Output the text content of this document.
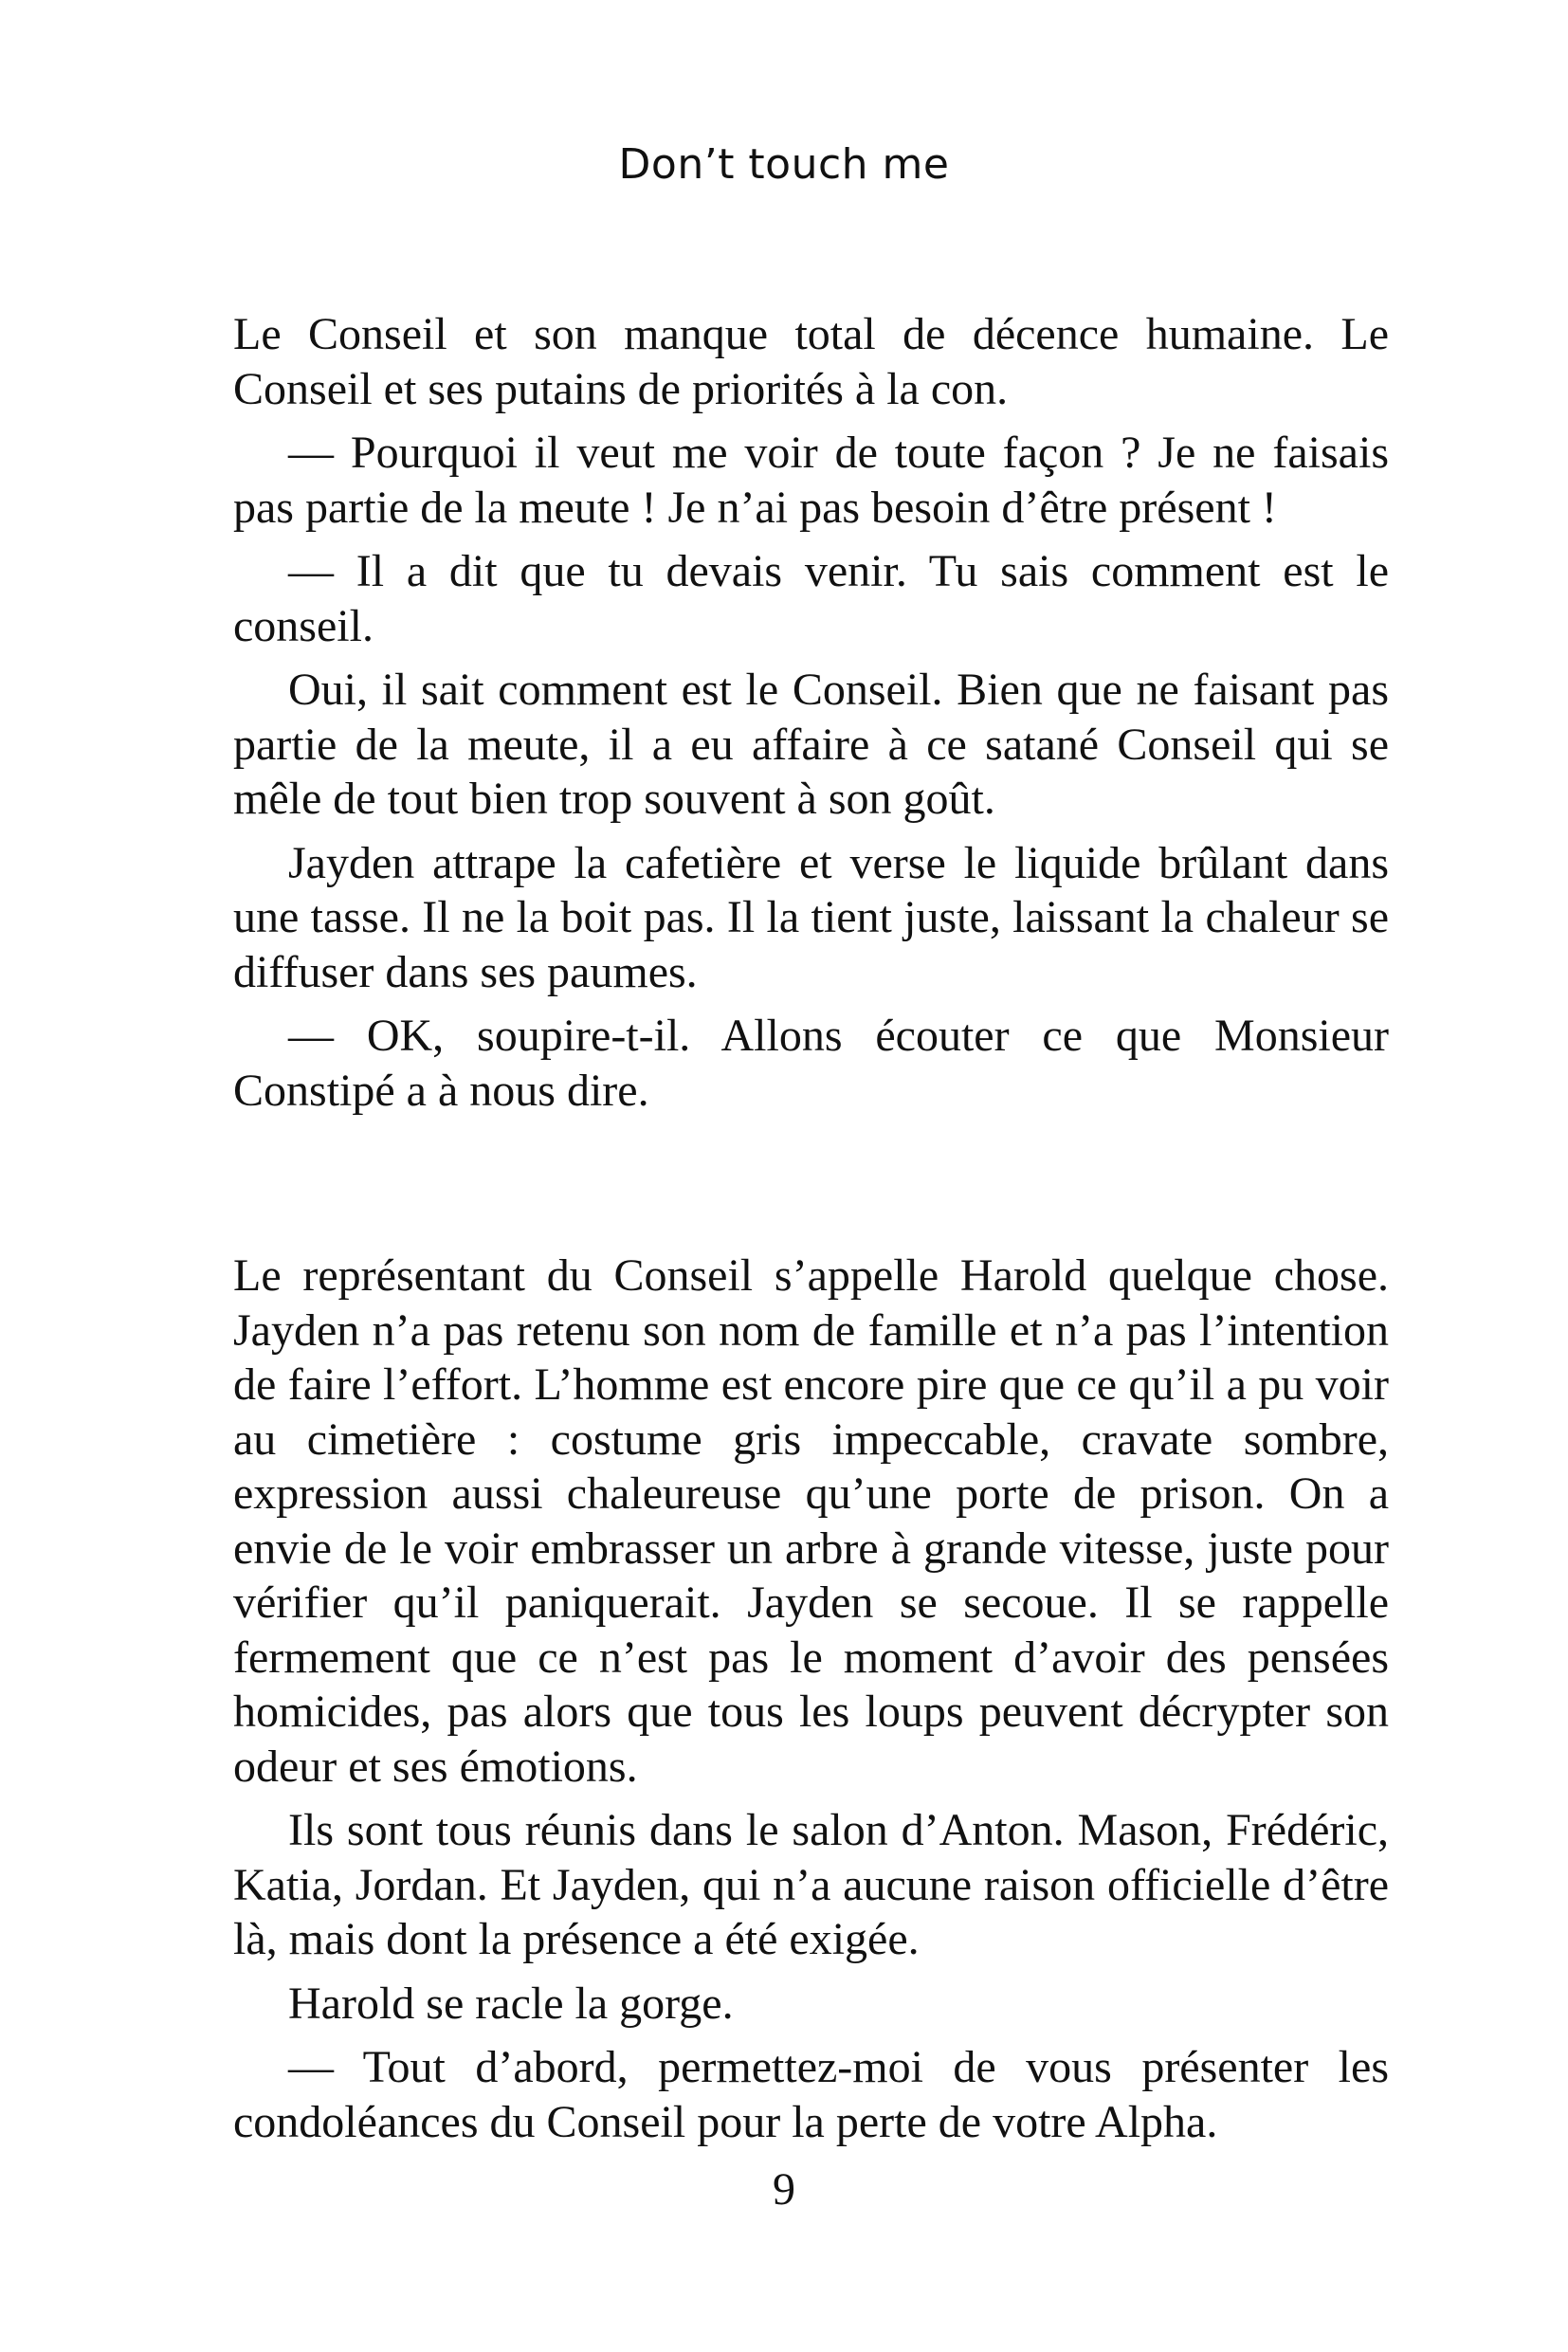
Don’t touch me

Le Conseil et son manque total de décence humaine. Le Conseil et ses putains de priorités à la con.

— Pourquoi il veut me voir de toute façon ? Je ne faisais pas partie de la meute ! Je n’ai pas besoin d’être présent !

— Il a dit que tu devais venir. Tu sais comment est le conseil.

Oui, il sait comment est le Conseil. Bien que ne faisant pas partie de la meute, il a eu affaire à ce satané Conseil qui se mêle de tout bien trop souvent à son goût.

Jayden attrape la cafetière et verse le liquide brûlant dans une tasse. Il ne la boit pas. Il la tient juste, laissant la chaleur se diffuser dans ses paumes.

— OK, soupire-t-il. Allons écouter ce que Monsieur Constipé a à nous dire.

Le représentant du Conseil s’appelle Harold quelque chose. Jayden n’a pas retenu son nom de famille et n’a pas l’intention de faire l’effort. L’homme est encore pire que ce qu’il a pu voir au cimetière : costume gris impeccable, cravate sombre, expression aussi chaleureuse qu’une porte de prison. On a envie de le voir embrasser un arbre à grande vitesse, juste pour vérifier qu’il paniquerait. Jayden se secoue. Il se rappelle fermement que ce n’est pas le moment d’avoir des pensées homicides, pas alors que tous les loups peuvent décrypter son odeur et ses émotions.

Ils sont tous réunis dans le salon d’Anton. Mason, Frédéric, Katia, Jordan. Et Jayden, qui n’a aucune raison officielle d’être là, mais dont la présence a été exigée.

Harold se racle la gorge.

— Tout d’abord, permettez-moi de vous présenter les condoléances du Conseil pour la perte de votre Alpha.

9
